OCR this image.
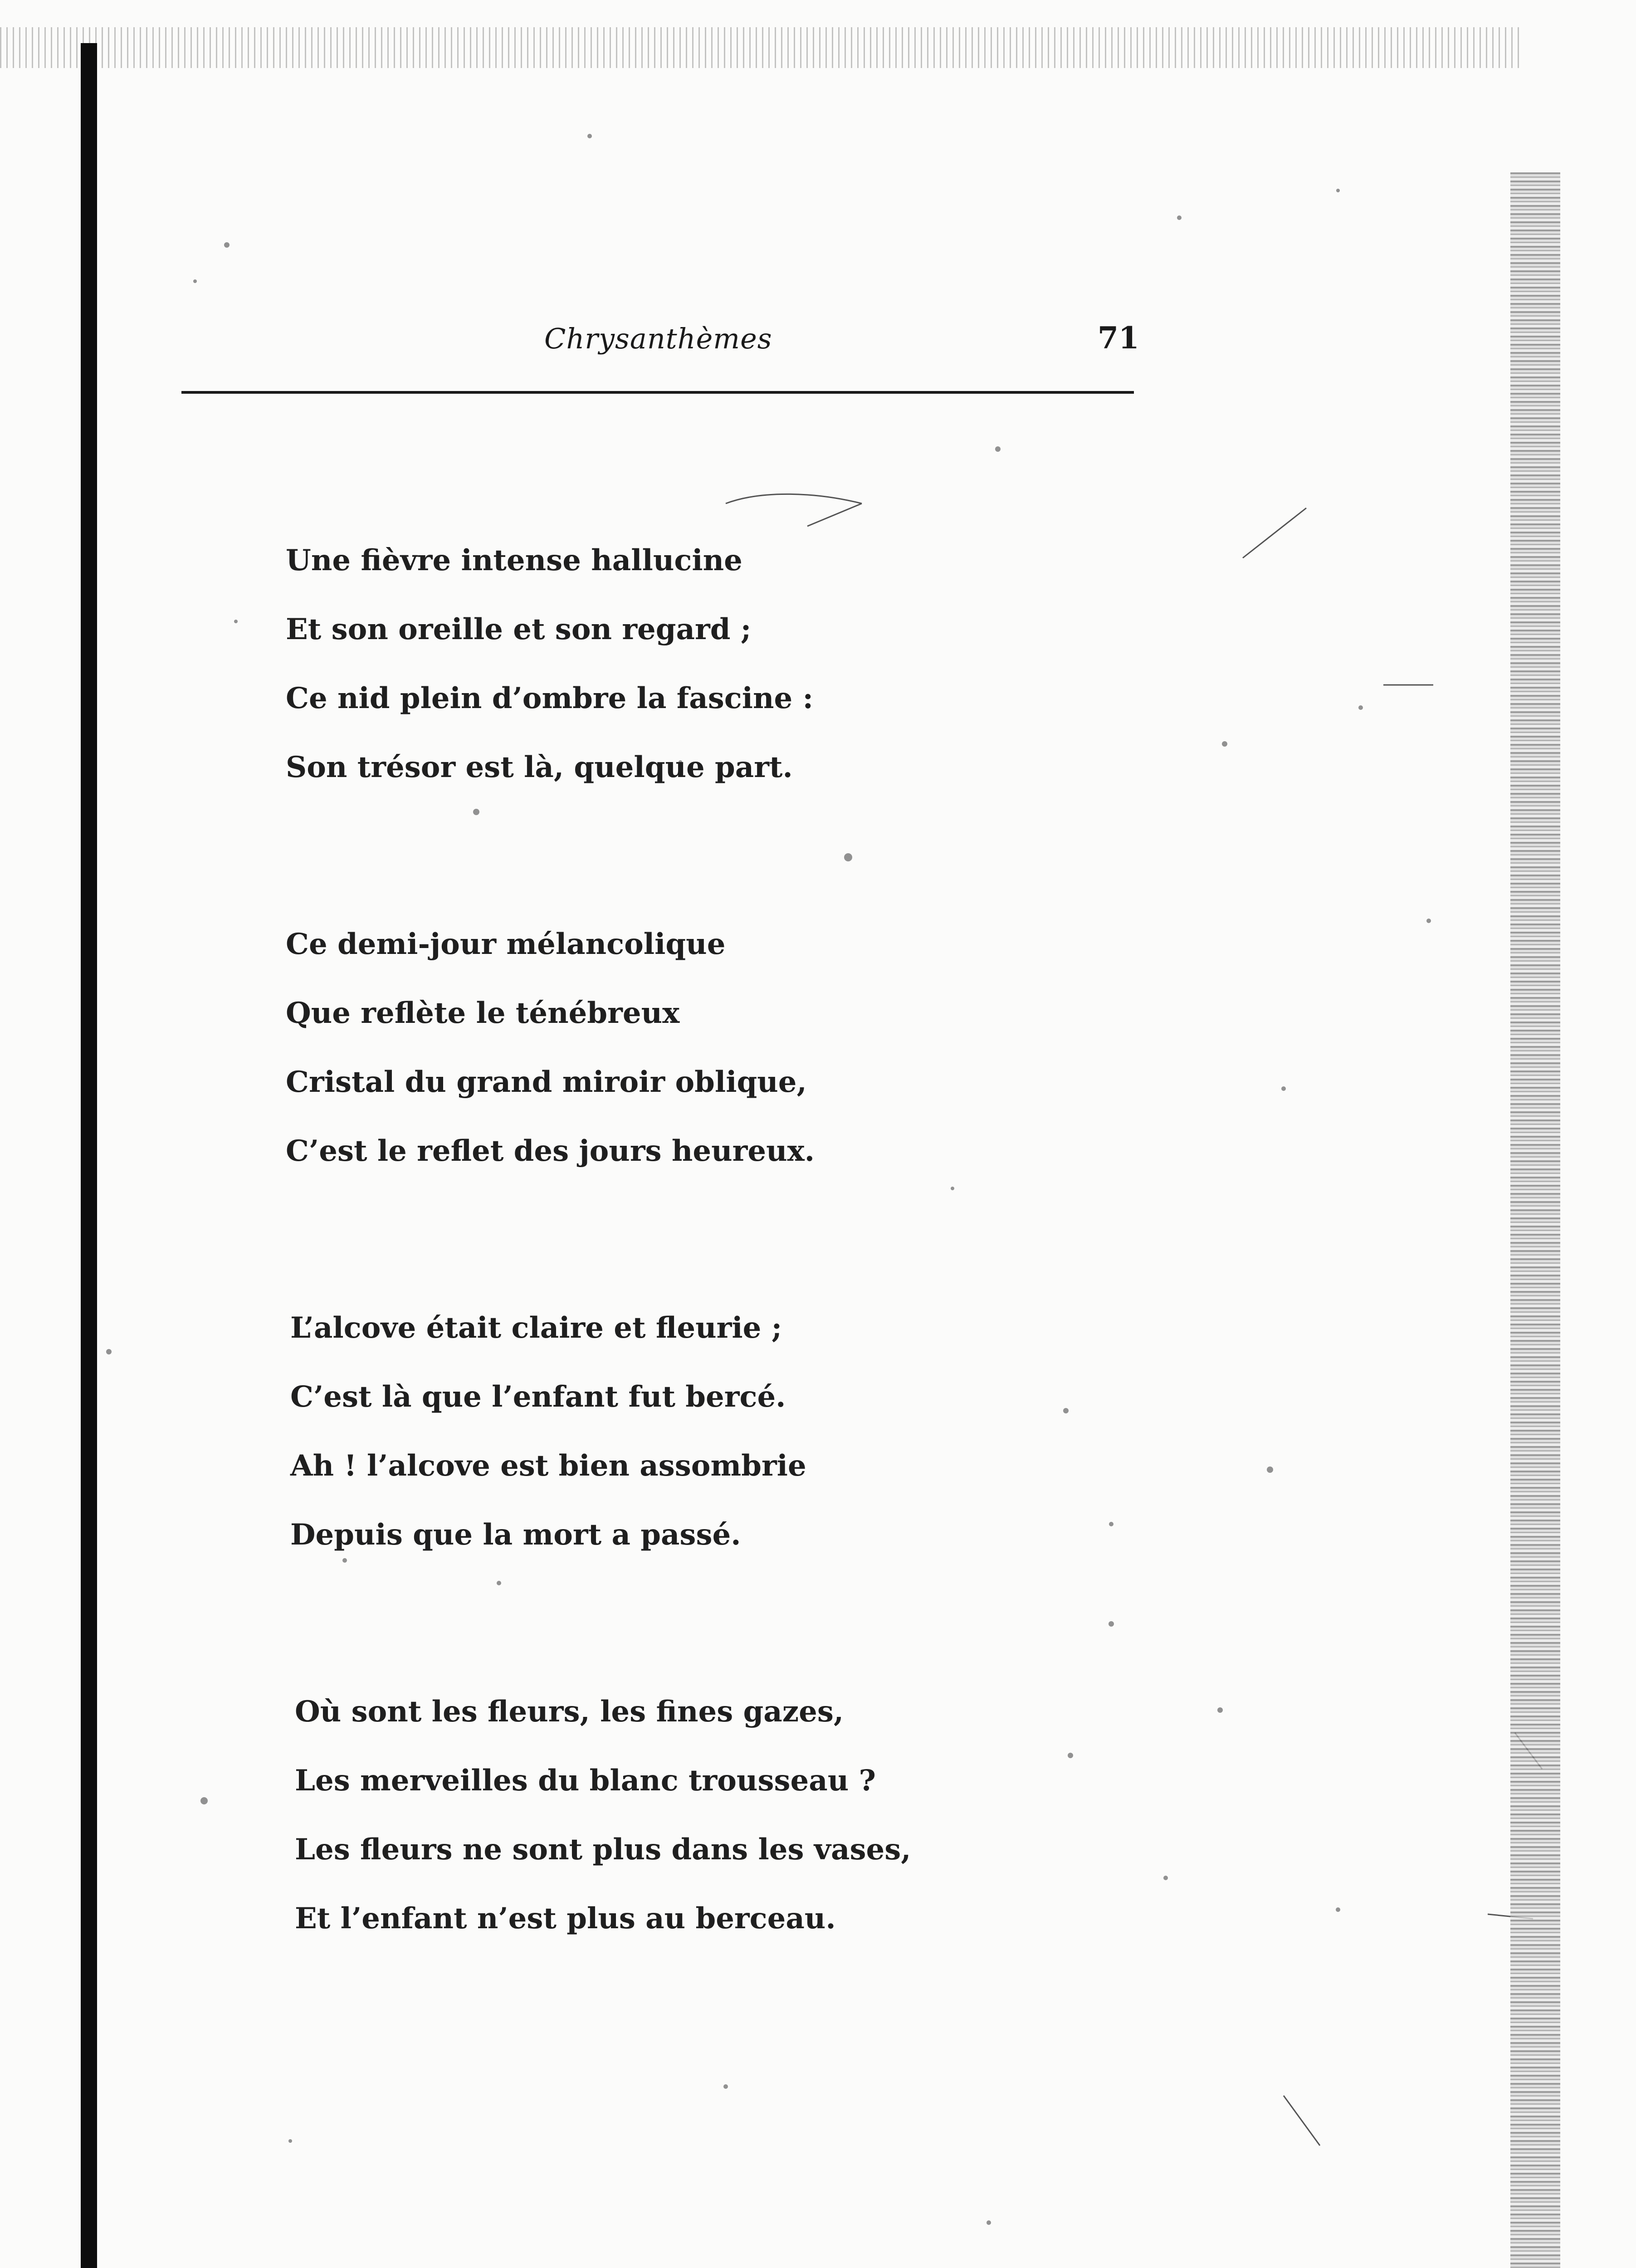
Chrysanthèmes	71
Une fièvre intense hallucine
Et son oreille et son regard ;
Ce nid plein d’ombre la fascine :
Son trésor est là, quelque part.
Ce demi-jour mélancolique
Que reflète le ténébreux
Cristal du grand miroir oblique,
C’est le reflet des jours heureux.
L’alcove était claire et fleurie ;
C’est là que l’enfant fut bercé.
Ah ! l’alcove est bien assombrie
Depuis que la mort a passé.
Où sont les fleurs, les fines gazes,
Les merveilles du blanc trousseau ?
Les fleurs ne sont plus dans les vases,
Et l’enfant n’est plus au berceau.
